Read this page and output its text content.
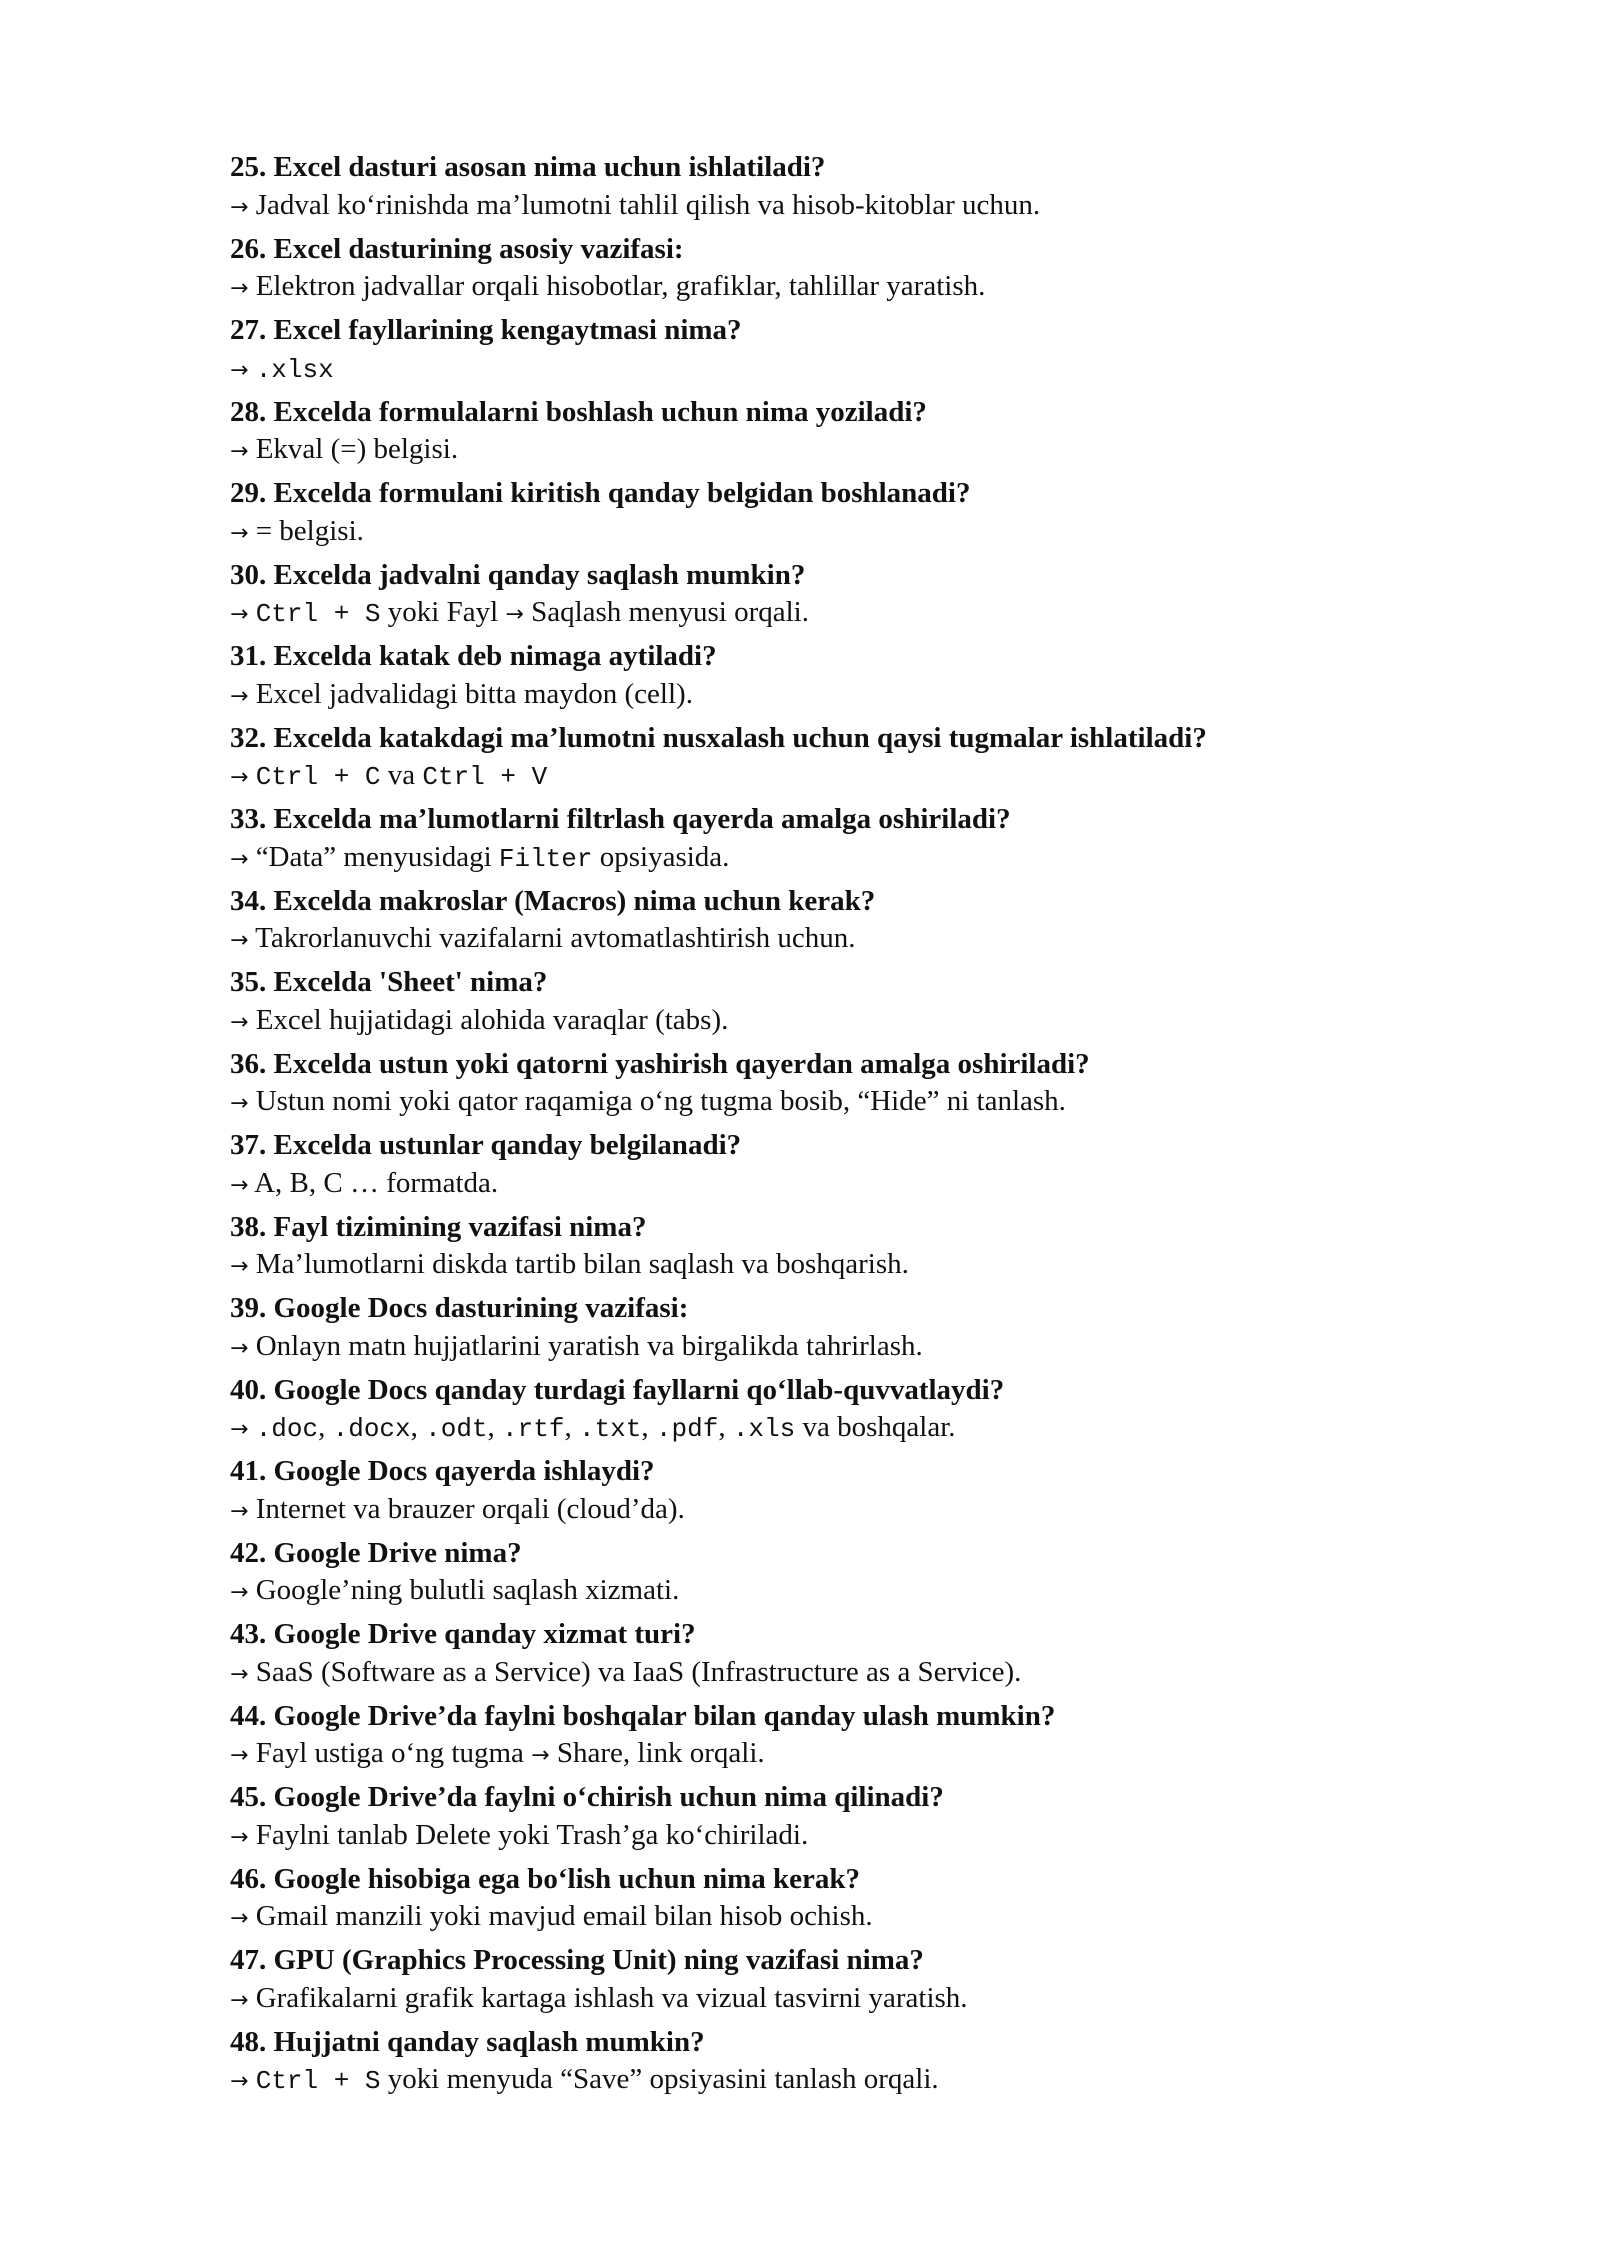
25. Excel dasturi asosan nima uchun ishlatiladi?
→ Jadval ko‘rinishda ma’lumotni tahlil qilish va hisob-kitoblar uchun.
26. Excel dasturining asosiy vazifasi:
→ Elektron jadvallar orqali hisobotlar, grafiklar, tahlillar yaratish.
27. Excel fayllarining kengaytmasi nima?
→ .xlsx
28. Excelda formulalarni boshlash uchun nima yoziladi?
→ Ekval (=) belgisi.
29. Excelda formulani kiritish qanday belgidan boshlanadi?
→ = belgisi.
30. Excelda jadvalni qanday saqlash mumkin?
→ Ctrl + S yoki Fayl → Saqlash menyusi orqali.
31. Excelda katak deb nimaga aytiladi?
→ Excel jadvalidagi bitta maydon (cell).
32. Excelda katakdagi ma’lumotni nusxalash uchun qaysi tugmalar ishlatiladi?
→ Ctrl + C va Ctrl + V
33. Excelda ma’lumotlarni filtrlash qayerda amalga oshiriladi?
→ “Data” menyusidagi Filter opsiyasida.
34. Excelda makroslar (Macros) nima uchun kerak?
→ Takrorlanuvchi vazifalarni avtomatlashtirish uchun.
35. Excelda 'Sheet' nima?
→ Excel hujjatidagi alohida varaqlar (tabs).
36. Excelda ustun yoki qatorni yashirish qayerdan amalga oshiriladi?
→ Ustun nomi yoki qator raqamiga o‘ng tugma bosib, “Hide” ni tanlash.
37. Excelda ustunlar qanday belgilanadi?
→ A, B, C … formatda.
38. Fayl tizimining vazifasi nima?
→ Ma’lumotlarni diskda tartib bilan saqlash va boshqarish.
39. Google Docs dasturining vazifasi:
→ Onlayn matn hujjatlarini yaratish va birgalikda tahrirlash.
40. Google Docs qanday turdagi fayllarni qo‘llab-quvvatlaydi?
→ .doc, .docx, .odt, .rtf, .txt, .pdf, .xls va boshqalar.
41. Google Docs qayerda ishlaydi?
→ Internet va brauzer orqali (cloud’da).
42. Google Drive nima?
→ Google’ning bulutli saqlash xizmati.
43. Google Drive qanday xizmat turi?
→ SaaS (Software as a Service) va IaaS (Infrastructure as a Service).
44. Google Drive’da faylni boshqalar bilan qanday ulash mumkin?
→ Fayl ustiga o‘ng tugma → Share, link orqali.
45. Google Drive’da faylni o‘chirish uchun nima qilinadi?
→ Faylni tanlab Delete yoki Trash’ga ko‘chiriladi.
46. Google hisobiga ega bo‘lish uchun nima kerak?
→ Gmail manzili yoki mavjud email bilan hisob ochish.
47. GPU (Graphics Processing Unit) ning vazifasi nima?
→ Grafikalarni grafik kartaga ishlash va vizual tasvirni yaratish.
48. Hujjatni qanday saqlash mumkin?
→ Ctrl + S yoki menyuda “Save” opsiyasini tanlash orqali.
